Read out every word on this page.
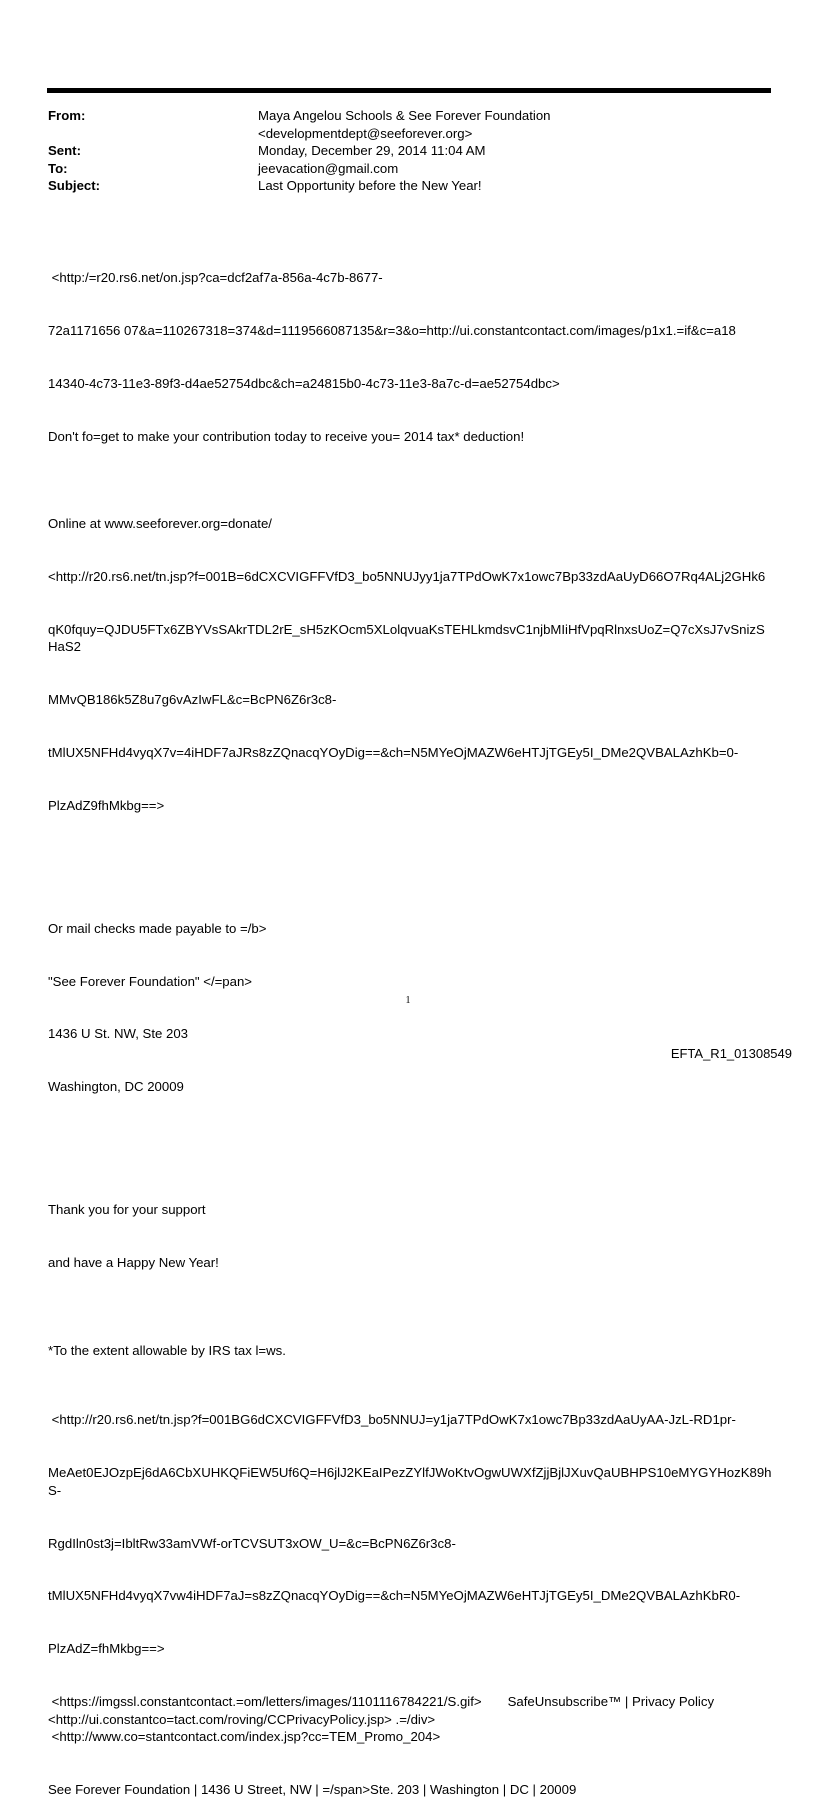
From:	Maya Angelou Schools & See Forever Foundation
<developmentdept@seeforever.org>
Sent:	Monday, December 29, 2014 11:04 AM
To:	jeevacation@gmail.com
Subject:	Last Opportunity before the New Year!

<http:/=r20.rs6.net/on.jsp?ca=dcf2af7a-856a-4c7b-8677-

72a1171656 07&a=110267318=374&d=1119566087135&r=3&o=http://ui.constantcontact.com/images/p1x1.=if&c=a18

14340-4c73-11e3-89f3-d4ae52754dbc&ch=a24815b0-4c73-11e3-8a7c-d=ae52754dbc>

Don't fo=get to make your contribution today to receive you= 2014 tax* deduction!

Online at www.seeforever.org=donate/

<http://r20.rs6.net/tn.jsp?f=001B=6dCXCVIGFFVfD3_bo5NNUJyy1ja7TPdOwK7x1owc7Bp33zdAaUyD66O7Rq4ALj2GHk6

qK0fquy=QJDU5FTx6ZBYVsSAkrTDL2rE_sH5zKOcm5XLolqvuaKsTEHLkmdsvC1njbMIiHfVpqRlnxsUoZ=Q7cXsJ7vSnizSHaS2

MMvQB186k5Z8u7g6vAzIwFL&c=BcPN6Z6r3c8-

tMlUX5NFHd4vyqX7v=4iHDF7aJRs8zZQnacqYOyDig==&ch=N5MYeOjMAZW6eHTJjTGEy5I_DMe2QVBALAzhKb=0-

PlzAdZ9fhMkbg==>

Or mail checks made payable to =/b>

"See Forever Foundation" </=pan>

1436 U St. NW, Ste 203

Washington, DC 20009

Thank you for your support

and have a Happy New Year!

*To the extent allowable by IRS tax l=ws.

<http://r20.rs6.net/tn.jsp?f=001BG6dCXCVIGFFVfD3_bo5NNUJ=y1ja7TPdOwK7x1owc7Bp33zdAaUyAA-JzL-RD1pr-

MeAet0EJOzpEj6dA6CbXUHKQFiEW5Uf6Q=H6jlJ2KEaIPezZYlfJWoKtvOgwUWXfZjjBjlJXuvQaUBHPS10eMYGYHozK89hS-

RgdIln0st3j=IbltRw33amVWf-orTCVSUT3xOW_U=&c=BcPN6Z6r3c8-

tMlUX5NFHd4vyqX7vw4iHDF7aJ=s8zZQnacqYOyDig==&ch=N5MYeOjMAZW6eHTJjTGEy5I_DMe2QVBALAzhKbR0-

PlzAdZ=fhMkbg==>

<https://imgssl.constantcontact.=om/letters/images/1101116784221/S.gif> SafeUnsubscribe™ | Privacy Policy

<http://ui.constantco=tact.com/roving/CCPrivacyPolicy.jsp> .=/div>

<http://www.co=stantcontact.com/index.jsp?cc=TEM_Promo_204>

See Forever Foundation | 1436 U Street, NW | =/span>Ste. 203 | Washington | DC | 20009

1
EFTA_R1_01308549
